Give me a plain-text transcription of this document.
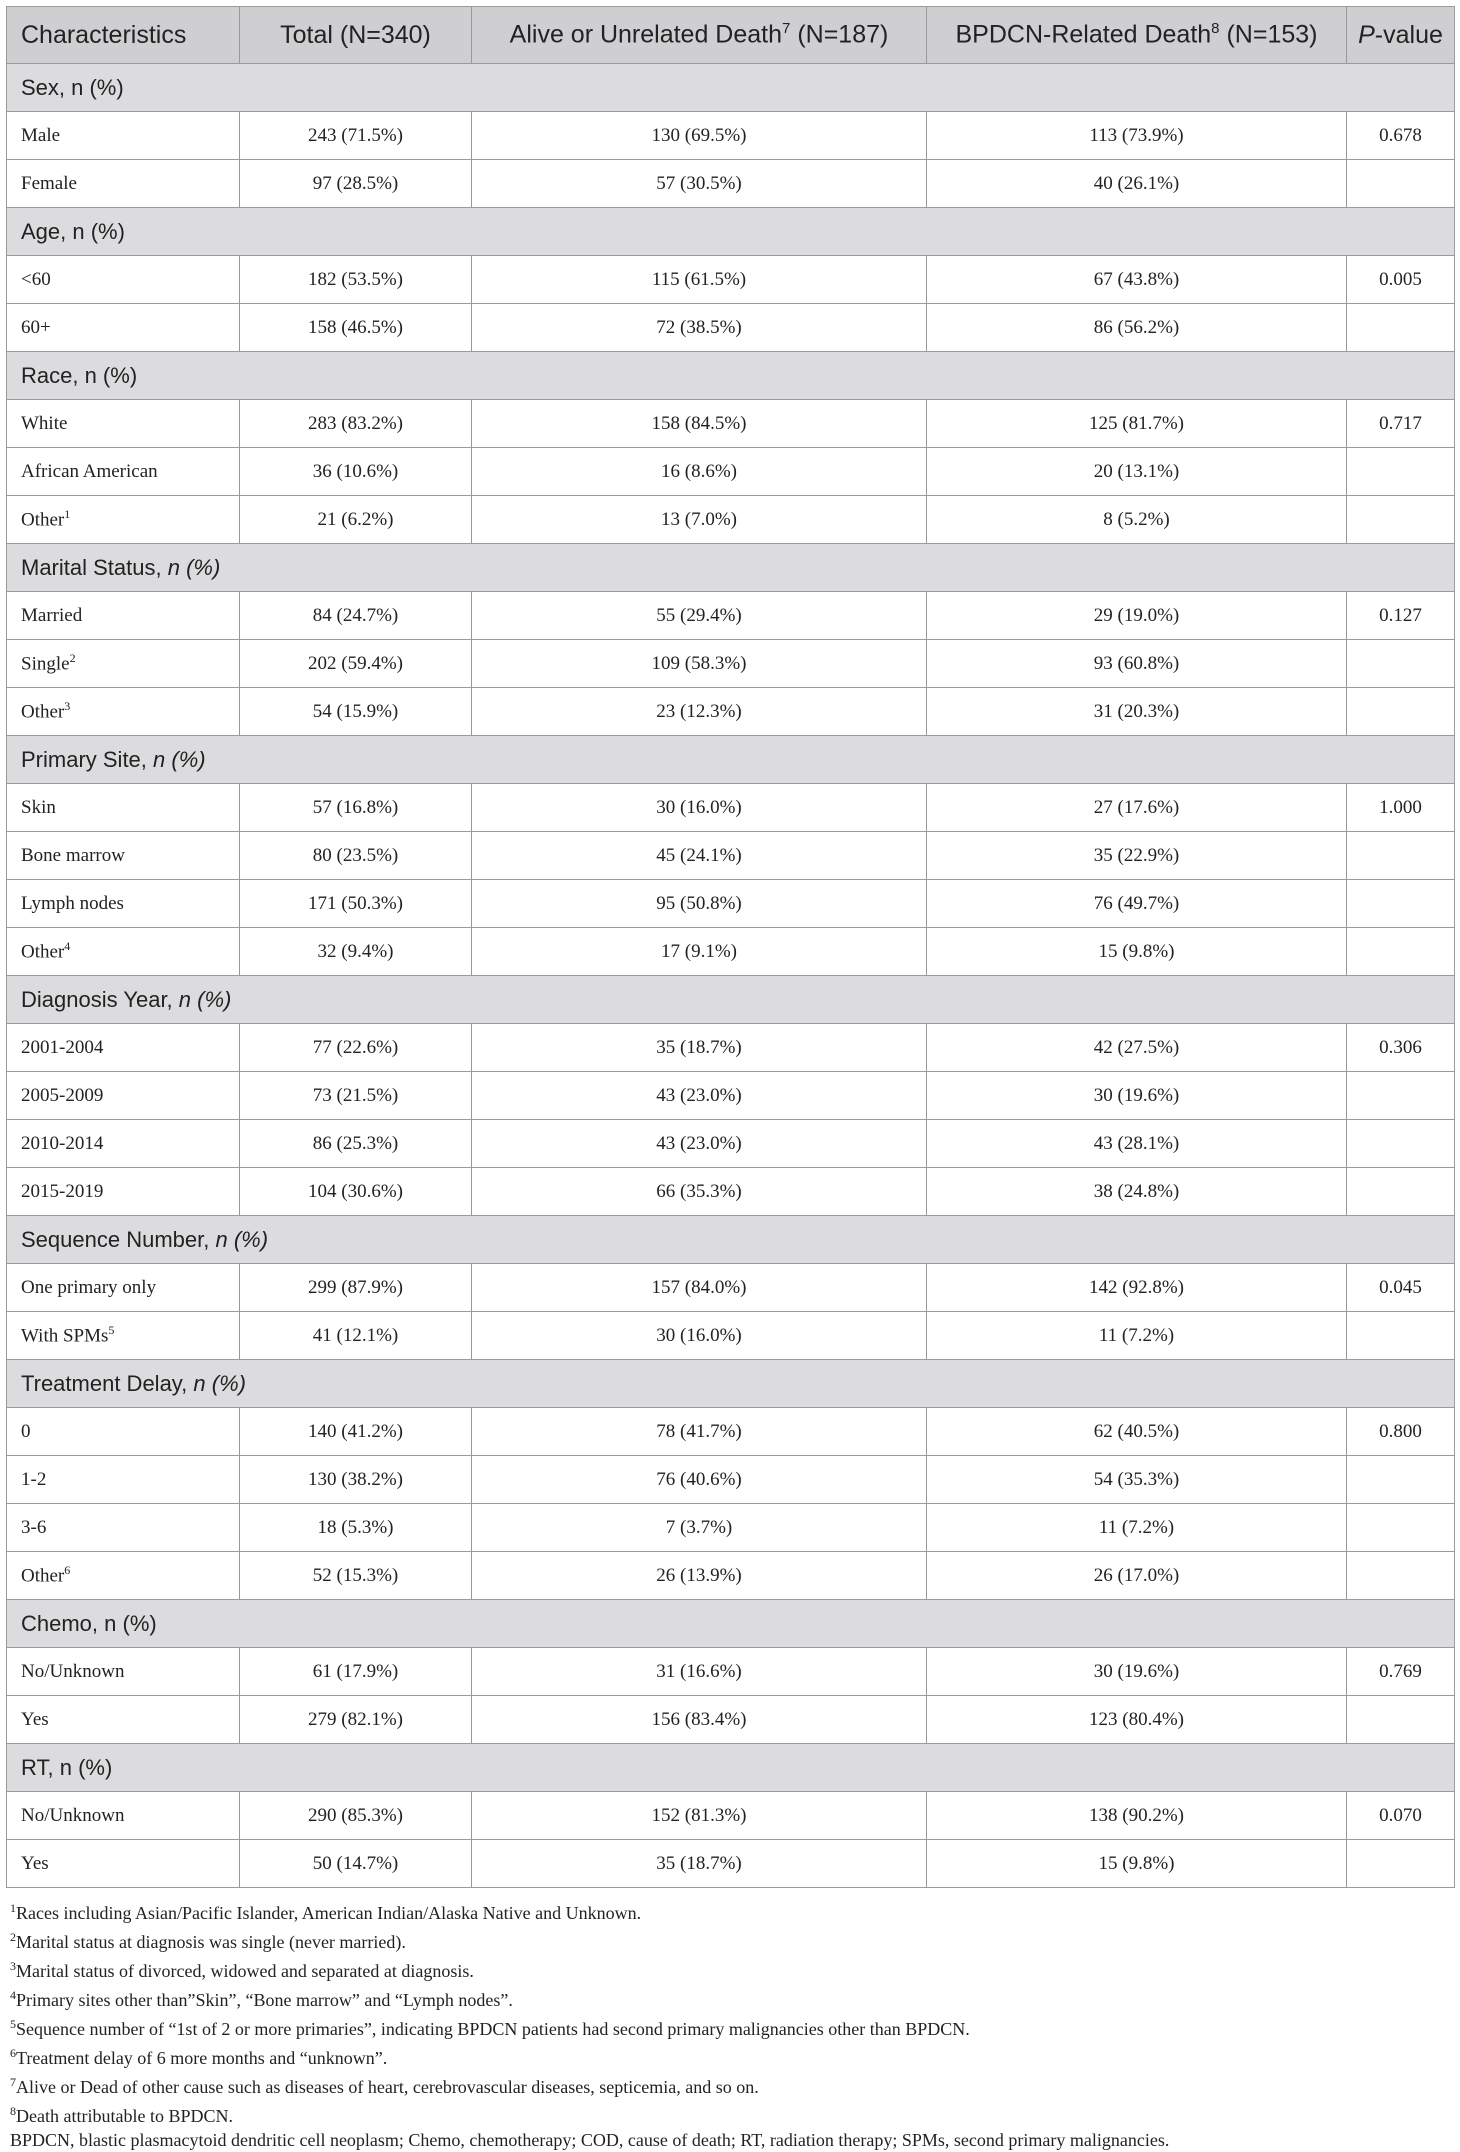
Characteristics	Total (N=340)	Alive or Unrelated Death$^7$ (N=187)	BPDCN-Related Death$^8$ (N=153)	P-value
Sex, n (%)				
Male	243 (71.5%)	130 (69.5%)	113 (73.9%)	0.678
Female	97 (28.5%)	57 (30.5%)	40 (26.1%)	
Age, n (%)				
<60	182 (53.5%)	115 (61.5%)	67 (43.8%)	0.005
60+	158 (46.5%)	72 (38.5%)	86 (56.2%)	
Race, n (%)				
White	283 (83.2%)	158 (84.5%)	125 (81.7%)	0.717
African American	36 (10.6%)	16 (8.6%)	20 (13.1%)	
Other$^1$	21 (6.2%)	13 (7.0%)	8 (5.2%)	
Marital Status, n (%)				
Married	84 (24.7%)	55 (29.4%)	29 (19.0%)	0.127
Single$^2$	202 (59.4%)	109 (58.3%)	93 (60.8%)	
Other$^3$	54 (15.9%)	23 (12.3%)	31 (20.3%)	
Primary Site, n (%)				
Skin	57 (16.8%)	30 (16.0%)	27 (17.6%)	1.000
Bone marrow	80 (23.5%)	45 (24.1%)	35 (22.9%)	
Lymph nodes	171 (50.3%)	95 (50.8%)	76 (49.7%)	
Other$^4$	32 (9.4%)	17 (9.1%)	15 (9.8%)	
Diagnosis Year, n (%)				
2001-2004	77 (22.6%)	35 (18.7%)	42 (27.5%)	0.306
2005-2009	73 (21.5%)	43 (23.0%)	30 (19.6%)	
2010-2014	86 (25.3%)	43 (23.0%)	43 (28.1%)	
2015-2019	104 (30.6%)	66 (35.3%)	38 (24.8%)	
Sequence Number, n (%)				
One primary only	299 (87.9%)	157 (84.0%)	142 (92.8%)	0.045
With SPMs$^5$	41 (12.1%)	30 (16.0%)	11 (7.2%)	
Treatment Delay, n (%)				
0	140 (41.2%)	78 (41.7%)	62 (40.5%)	0.800
1-2	130 (38.2%)	76 (40.6%)	54 (35.3%)	
3-6	18 (5.3%)	7 (3.7%)	11 (7.2%)	
Other$^6$	52 (15.3%)	26 (13.9%)	26 (17.0%)	
Chemo, n (%)				
No/Unknown	61 (17.9%)	31 (16.6%)	30 (19.6%)	0.769
Yes	279 (82.1%)	156 (83.4%)	123 (80.4%)	
RT, n (%)				
No/Unknown	290 (85.3%)	152 (81.3%)	138 (90.2%)	0.070
Yes	50 (14.7%)	35 (18.7%)	15 (9.8%)	
$^1$Races including Asian/Pacific Islander, American Indian/Alaska Native and Unknown.
$^2$Marital status at diagnosis was single (never married).
$^3$Marital status of divorced, widowed and separated at diagnosis.
$^4$Primary sites other than”Skin”, “Bone marrow” and “Lymph nodes”.
$^5$Sequence number of “1st of 2 or more primaries”, indicating BPDCN patients had second primary malignancies other than BPDCN.
$^6$Treatment delay of 6 more months and “unknown”.
$^7$Alive or Dead of other cause such as diseases of heart, cerebrovascular diseases, septicemia, and so on.
$^8$Death attributable to BPDCN.
BPDCN, blastic plasmacytoid dendritic cell neoplasm; Chemo, chemotherapy; COD, cause of death; RT, radiation therapy; SPMs, second primary malignancies.
